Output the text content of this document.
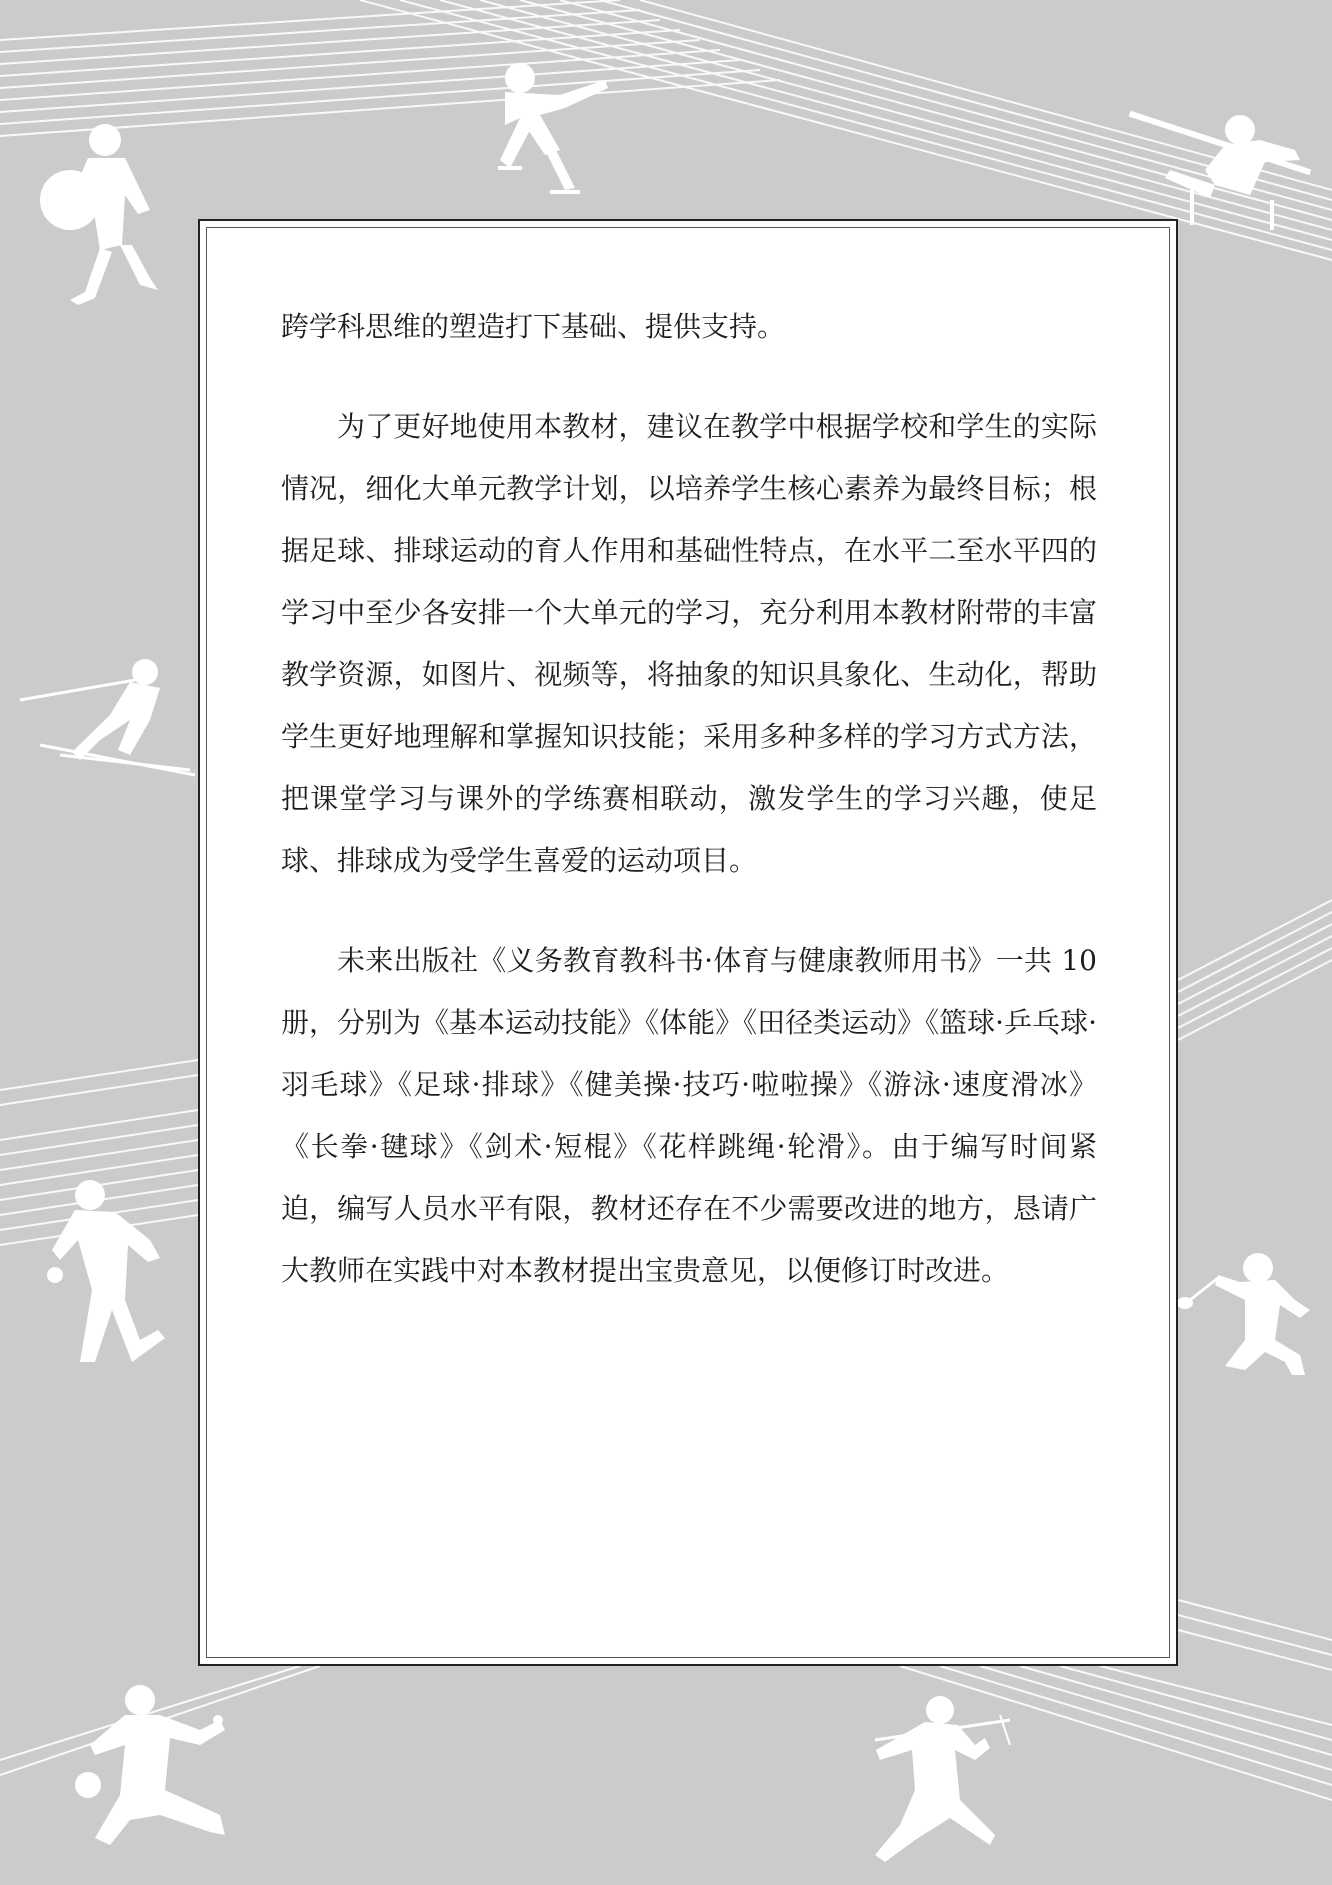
跨学科思维的塑造打下基础、提供支持。

为了更好地使用本教材，建议在教学中根据学校和学生的实际情况，细化大单元教学计划，以培养学生核心素养为最终目标；根据足球、排球运动的育人作用和基础性特点，在水平二至水平四的学习中至少各安排一个大单元的学习，充分利用本教材附带的丰富教学资源，如图片、视频等，将抽象的知识具象化、生动化，帮助学生更好地理解和掌握知识技能；采用多种多样的学习方式方法，把课堂学习与课外的学练赛相联动，激发学生的学习兴趣，使足球、排球成为受学生喜爱的运动项目。

未来出版社《义务教育教科书·体育与健康教师用书》一共 10 册，分别为《基本运动技能》《体能》《田径类运动》《篮球·乒乓球·羽毛球》《足球·排球》《健美操·技巧·啦啦操》《游泳·速度滑冰》《长拳·毽球》《剑术·短棍》《花样跳绳·轮滑》。由于编写时间紧迫，编写人员水平有限，教材还存在不少需要改进的地方，恳请广大教师在实践中对本教材提出宝贵意见，以便修订时改进。
